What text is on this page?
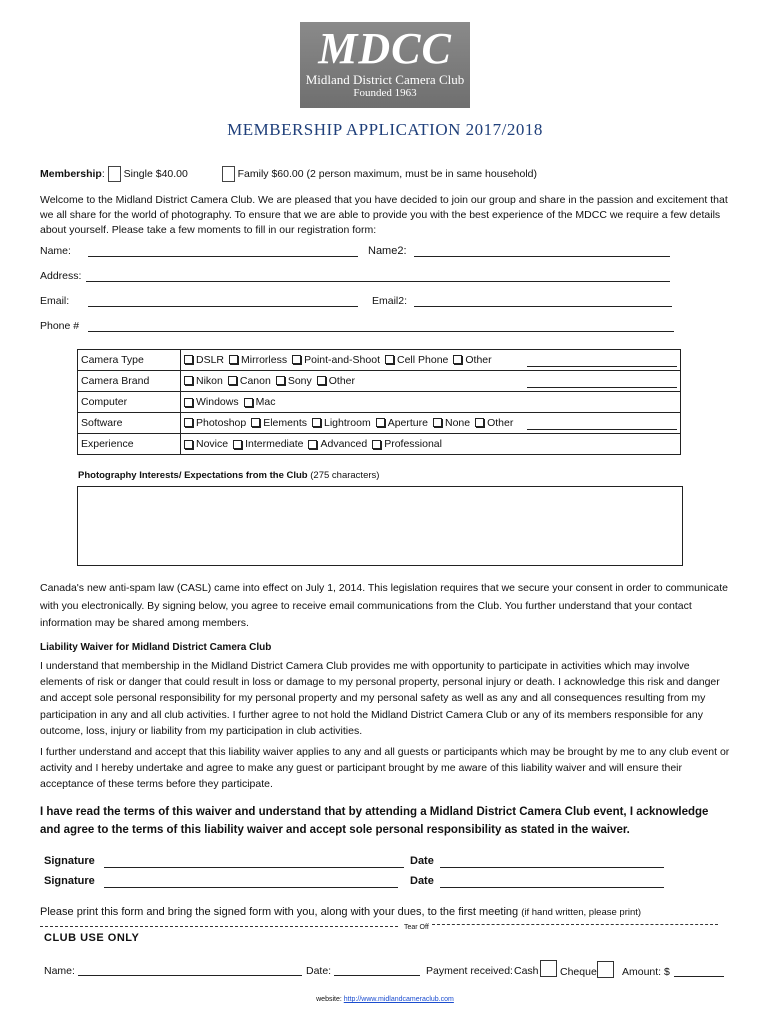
MDCC
Midland District Camera Club
Founded 1963
MEMBERSHIP APPLICATION 2017/2018
Membership:  Single $40.00	Family $60.00 (2 person maximum, must be in same household)
Welcome to the Midland District Camera Club. We are pleased that you have decided to join our group and share in the passion and excitement that we all share for the world of photography. To ensure that we are able to provide you with the best experience of the MDCC we require a few details about yourself. Please take a few moments to fill in our registration form:
Name:	Name2:
Address:
Email:	Email2:
Phone #
Camera Type	DSLR Mirrorless Point-and-Shoot Cell Phone Other

Camera Brand	Nikon Canon Sony Other

Computer	Windows Mac
Software	Photoshop Elements Lightroom Aperture None Other

Experience	Novice Intermediate Advanced Professional
Photography Interests/ Expectations from the Club (275 characters)
Canada's new anti-spam law (CASL) came into effect on July 1, 2014. This legislation requires that we secure your consent in order to communicate with you electronically. By signing below, you agree to receive email communications from the Club. You further understand that your contact information may be shared among members.
Liability Waiver for Midland District Camera Club
I understand that membership in the Midland District Camera Club provides me with opportunity to participate in activities which may involve elements of risk or danger that could result in loss or damage to my personal property, personal injury or death. I acknowledge this risk and danger and accept sole personal responsibility for my personal property and my personal safety as well as any and all consequences resulting from my participation in any and all club activities. I further agree to not hold the Midland District Camera Club or any of its members responsible for any outcome, loss, injury or liability from my participation in club activities.
I further understand and accept that this liability waiver applies to any and all guests or participants which may be brought by me to any club event or activity and I hereby undertake and agree to make any guest or participant brought by me aware of this liability waiver and will ensure their acceptance of these terms before they participate.
I have read the terms of this waiver and understand that by attending a Midland District Camera Club event, I acknowledge and agree to the terms of this liability waiver and accept sole personal responsibility as stated in the waiver.
Signature	Date
Signature	Date
Please print this form and bring the signed form with you, along with your dues, to the first meeting (if hand written, please print)
Tear Off
CLUB USE ONLY
Name:	Date:	Payment received: Cash Cheque Amount: $
website: http://www.midlandcameraclub.com
